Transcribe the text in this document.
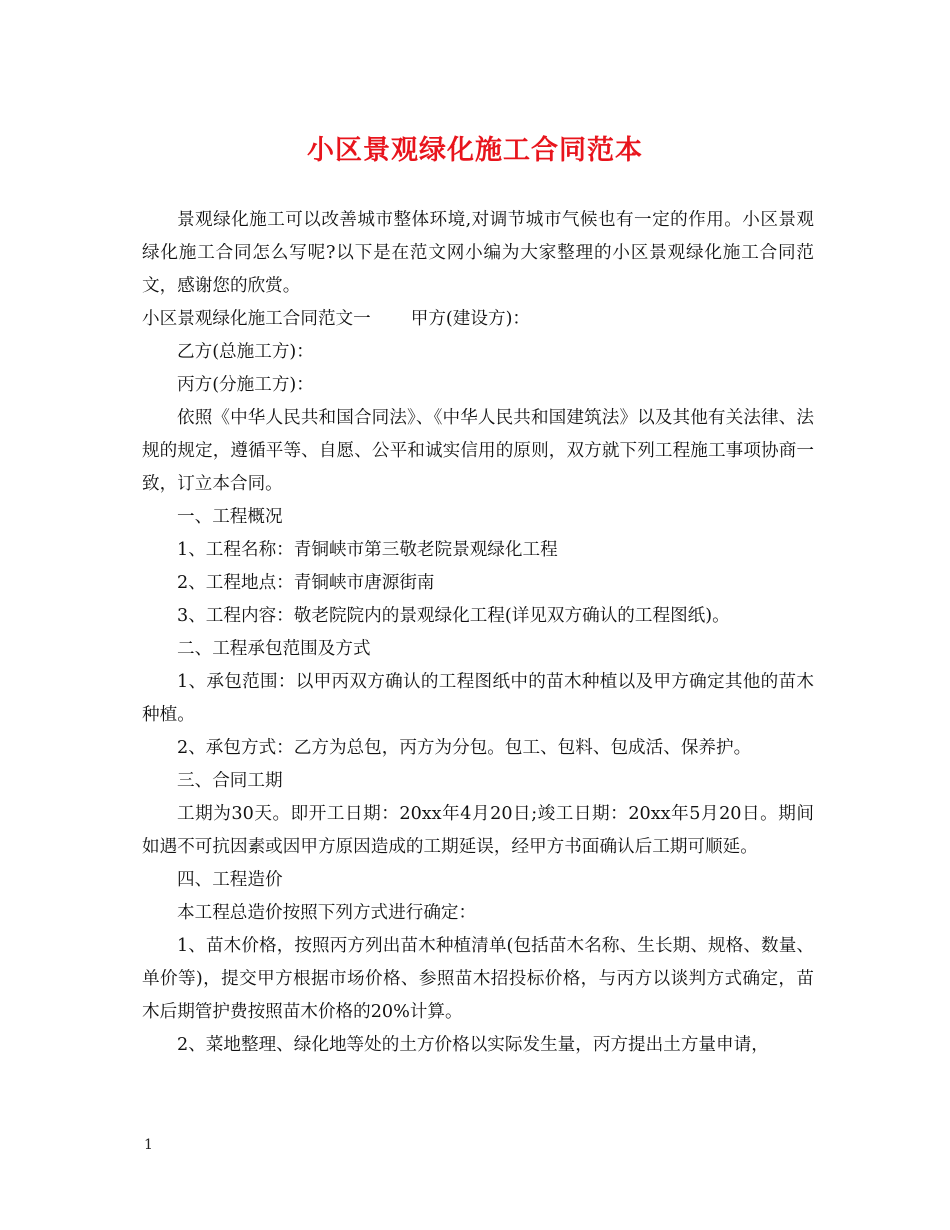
小区景观绿化施工合同范本

景观绿化施工可以改善城市整体环境,对调节城市气候也有一定的作用。小区景观绿化施工合同怎么写呢?以下是在范文网小编为大家整理的小区景观绿化施工合同范文，感谢您的欣赏。

小区景观绿化施工合同范文一 甲方(建设方)：

乙方(总施工方)：

丙方(分施工方)：

依照《中华人民共和国合同法》、《中华人民共和国建筑法》以及其他有关法律、法规的规定，遵循平等、自愿、公平和诚实信用的原则，双方就下列工程施工事项协商一致，订立本合同。

一、工程概况

1、工程名称：青铜峡市第三敬老院景观绿化工程

2、工程地点：青铜峡市唐源街南

3、工程内容：敬老院院内的景观绿化工程(详见双方确认的工程图纸)。

二、工程承包范围及方式

1、承包范围：以甲丙双方确认的工程图纸中的苗木种植以及甲方确定其他的苗木种植。

2、承包方式：乙方为总包，丙方为分包。包工、包料、包成活、保养护。

三、合同工期

工期为30天。即开工日期：20xx年4月20日;竣工日期：20xx年5月20日。期间如遇不可抗因素或因甲方原因造成的工期延误，经甲方书面确认后工期可顺延。

四、工程造价

本工程总造价按照下列方式进行确定：

1、苗木价格，按照丙方列出苗木种植清单(包括苗木名称、生长期、规格、数量、单价等)，提交甲方根据市场价格、参照苗木招投标价格，与丙方以谈判方式确定，苗木后期管护费按照苗木价格的20%计算。

2、菜地整理、绿化地等处的土方价格以实际发生量，丙方提出土方量申请，

1
